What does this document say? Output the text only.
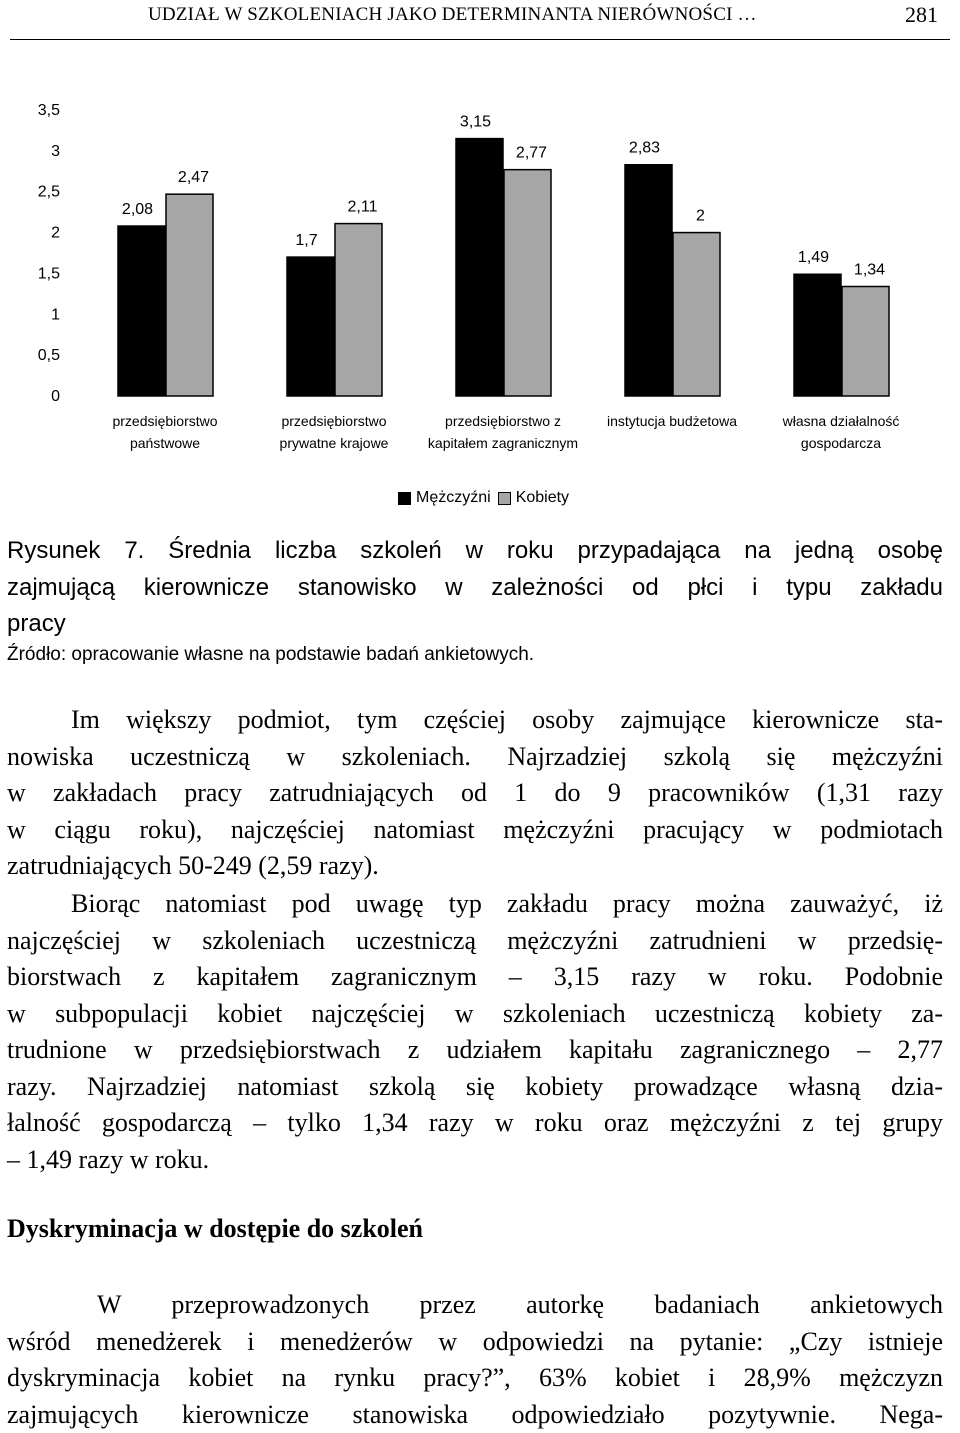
UDZIAŁ W SZKOLENIACH JAKO DETERMINANTA NIERÓWNOŚCI …	281
0
0,5
1
1,5
2
2,5
3
3,5
2,08
1,7
3,15
2,83
1,49
2,47
2,11
2,77
2
1,34
przedsiębiorstwo
państwowe
przedsiębiorstwo
prywatne krajowe
przedsiębiorstwo z
kapitałem zagranicznym
instytucja budżetowa	własna działalność
gospodarcza
Mężczyźni Kobiety
Rysunek 7. Średnia liczba szkoleń w roku przypadająca na jedną osobę
zajmującą kierownicze stanowisko w zależności od płci i typu zakładu
pracy
Źródło: opracowanie własne na podstawie badań ankietowych.
Im większy podmiot, tym częściej osoby zajmujące kierownicze sta-
nowiska uczestniczą w szkoleniach. Najrzadziej szkolą się mężczyźni
w zakładach pracy zatrudniających od 1 do 9 pracowników (1,31 razy
w ciągu roku), najczęściej natomiast mężczyźni pracujący w podmiotach
zatrudniających 50-249 (2,59 razy).
Biorąc natomiast pod uwagę typ zakładu pracy można zauważyć, iż
najczęściej w szkoleniach uczestniczą mężczyźni zatrudnieni w przedsię-
biorstwach z kapitałem zagranicznym – 3,15 razy w roku. Podobnie
w subpopulacji kobiet najczęściej w szkoleniach uczestniczą kobiety za-
trudnione w przedsiębiorstwach z udziałem kapitału zagranicznego – 2,77
razy. Najrzadziej natomiast szkolą się kobiety prowadzące własną dzia-
łalność gospodarczą – tylko 1,34 razy w roku oraz mężczyźni z tej grupy
– 1,49 razy w roku.
Dyskryminacja w dostępie do szkoleń
W przeprowadzonych przez autorkę badaniach ankietowych
wśród menedżerek i menedżerów w odpowiedzi na pytanie: „Czy istnieje
dyskryminacja kobiet na rynku pracy?”, 63% kobiet i 28,9% mężczyzn
zajmujących kierownicze stanowiska odpowiedziało pozytywnie. Nega-
